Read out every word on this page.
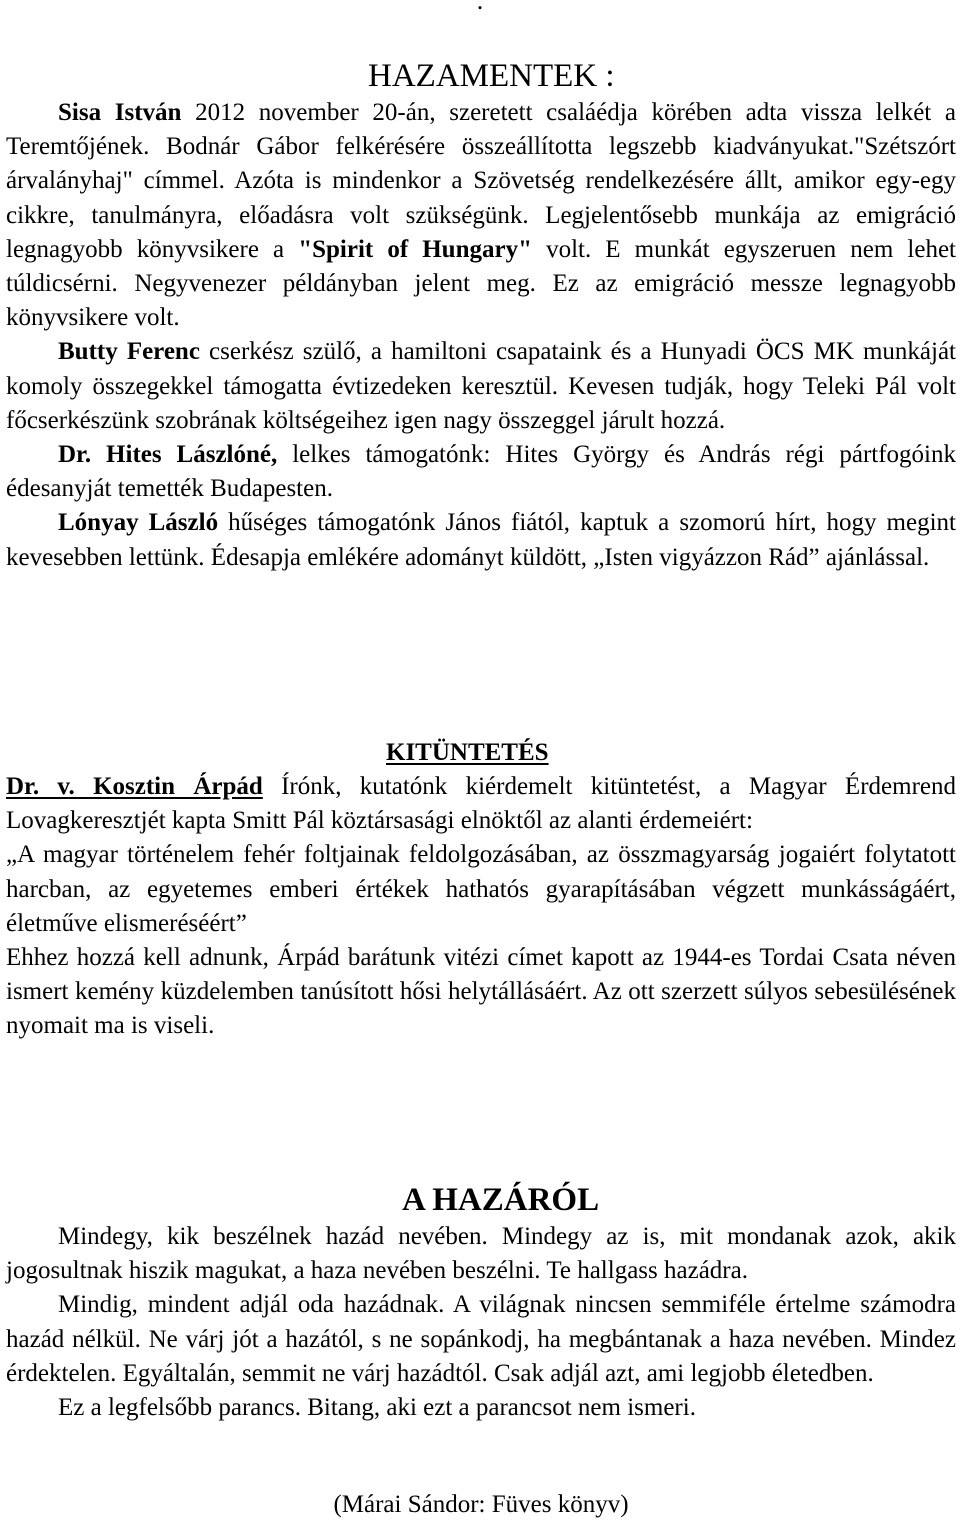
.
HAZAMENTEK :

Sisa István 2012 november 20-án, szeretett csaláédja körében adta vissza lelkét a Teremtőjének. Bodnár Gábor felkérésére összeállította legszebb kiadványukat."Szétszórt árvalányhaj" címmel. Azóta is mindenkor a Szövetség rendelkezésére állt, amikor egy-egy cikkre, tanulmányra, előadásra volt szükségünk. Legjelentősebb munkája az emigráció legnagyobb könyvsikere a "Spirit of Hungary" volt. E munkát egyszeruen nem lehet túldicsérni. Negyvenezer példányban jelent meg. Ez az emigráció messze legnagyobb könyvsikere volt.

Butty Ferenc cserkész szülő, a hamiltoni csapataink és a Hunyadi ÖCS MK munkáját komoly összegekkel támogatta évtizedeken keresztül. Kevesen tudják, hogy Teleki Pál volt főcserkészünk szobrának költségeihez igen nagy összeggel járult hozzá.

Dr. Hites Lászlóné, lelkes támogatónk: Hites György és András régi pártfogóink édesanyját temették Budapesten.

Lónyay László hűséges támogatónk János fiától, kaptuk a szomorú hírt, hogy megint kevesebben lettünk. Édesapja emlékére adományt küldött, „Isten vigyázzon Rád” ajánlással.

KITÜNTETÉS

Dr. v. Kosztin Árpád Írónk, kutatónk kiérdemelt kitüntetést, a Magyar Érdemrend Lovagkeresztjét kapta Smitt Pál köztársasági elnöktől az alanti érdemeiért:

„A magyar történelem fehér foltjainak feldolgozásában, az összmagyarság jogaiért folytatott harcban, az egyetemes emberi értékek hathatós gyarapításában végzett munkásságáért, életműve elismeréséért”

Ehhez hozzá kell adnunk, Árpád barátunk vitézi címet kapott az 1944-es Tordai Csata néven ismert kemény küzdelemben tanúsított hősi helytállásáért. Az ott szerzett súlyos sebesülésének nyomait ma is viseli.

A HAZÁRÓL

Mindegy, kik beszélnek hazád nevében. Mindegy az is, mit mondanak azok, akik jogosultnak hiszik magukat, a haza nevében beszélni. Te hallgass hazádra.

Mindig, mindent adjál oda hazádnak. A világnak nincsen semmiféle értelme számodra hazád nélkül. Ne várj jót a hazától, s ne sopánkodj, ha megbántanak a haza nevében. Mindez érdektelen. Egyáltalán, semmit ne várj hazádtól. Csak adjál azt, ami legjobb életedben.

Ez a legfelsőbb parancs. Bitang, aki ezt a parancsot nem ismeri.

(Márai Sándor: Füves könyv)
